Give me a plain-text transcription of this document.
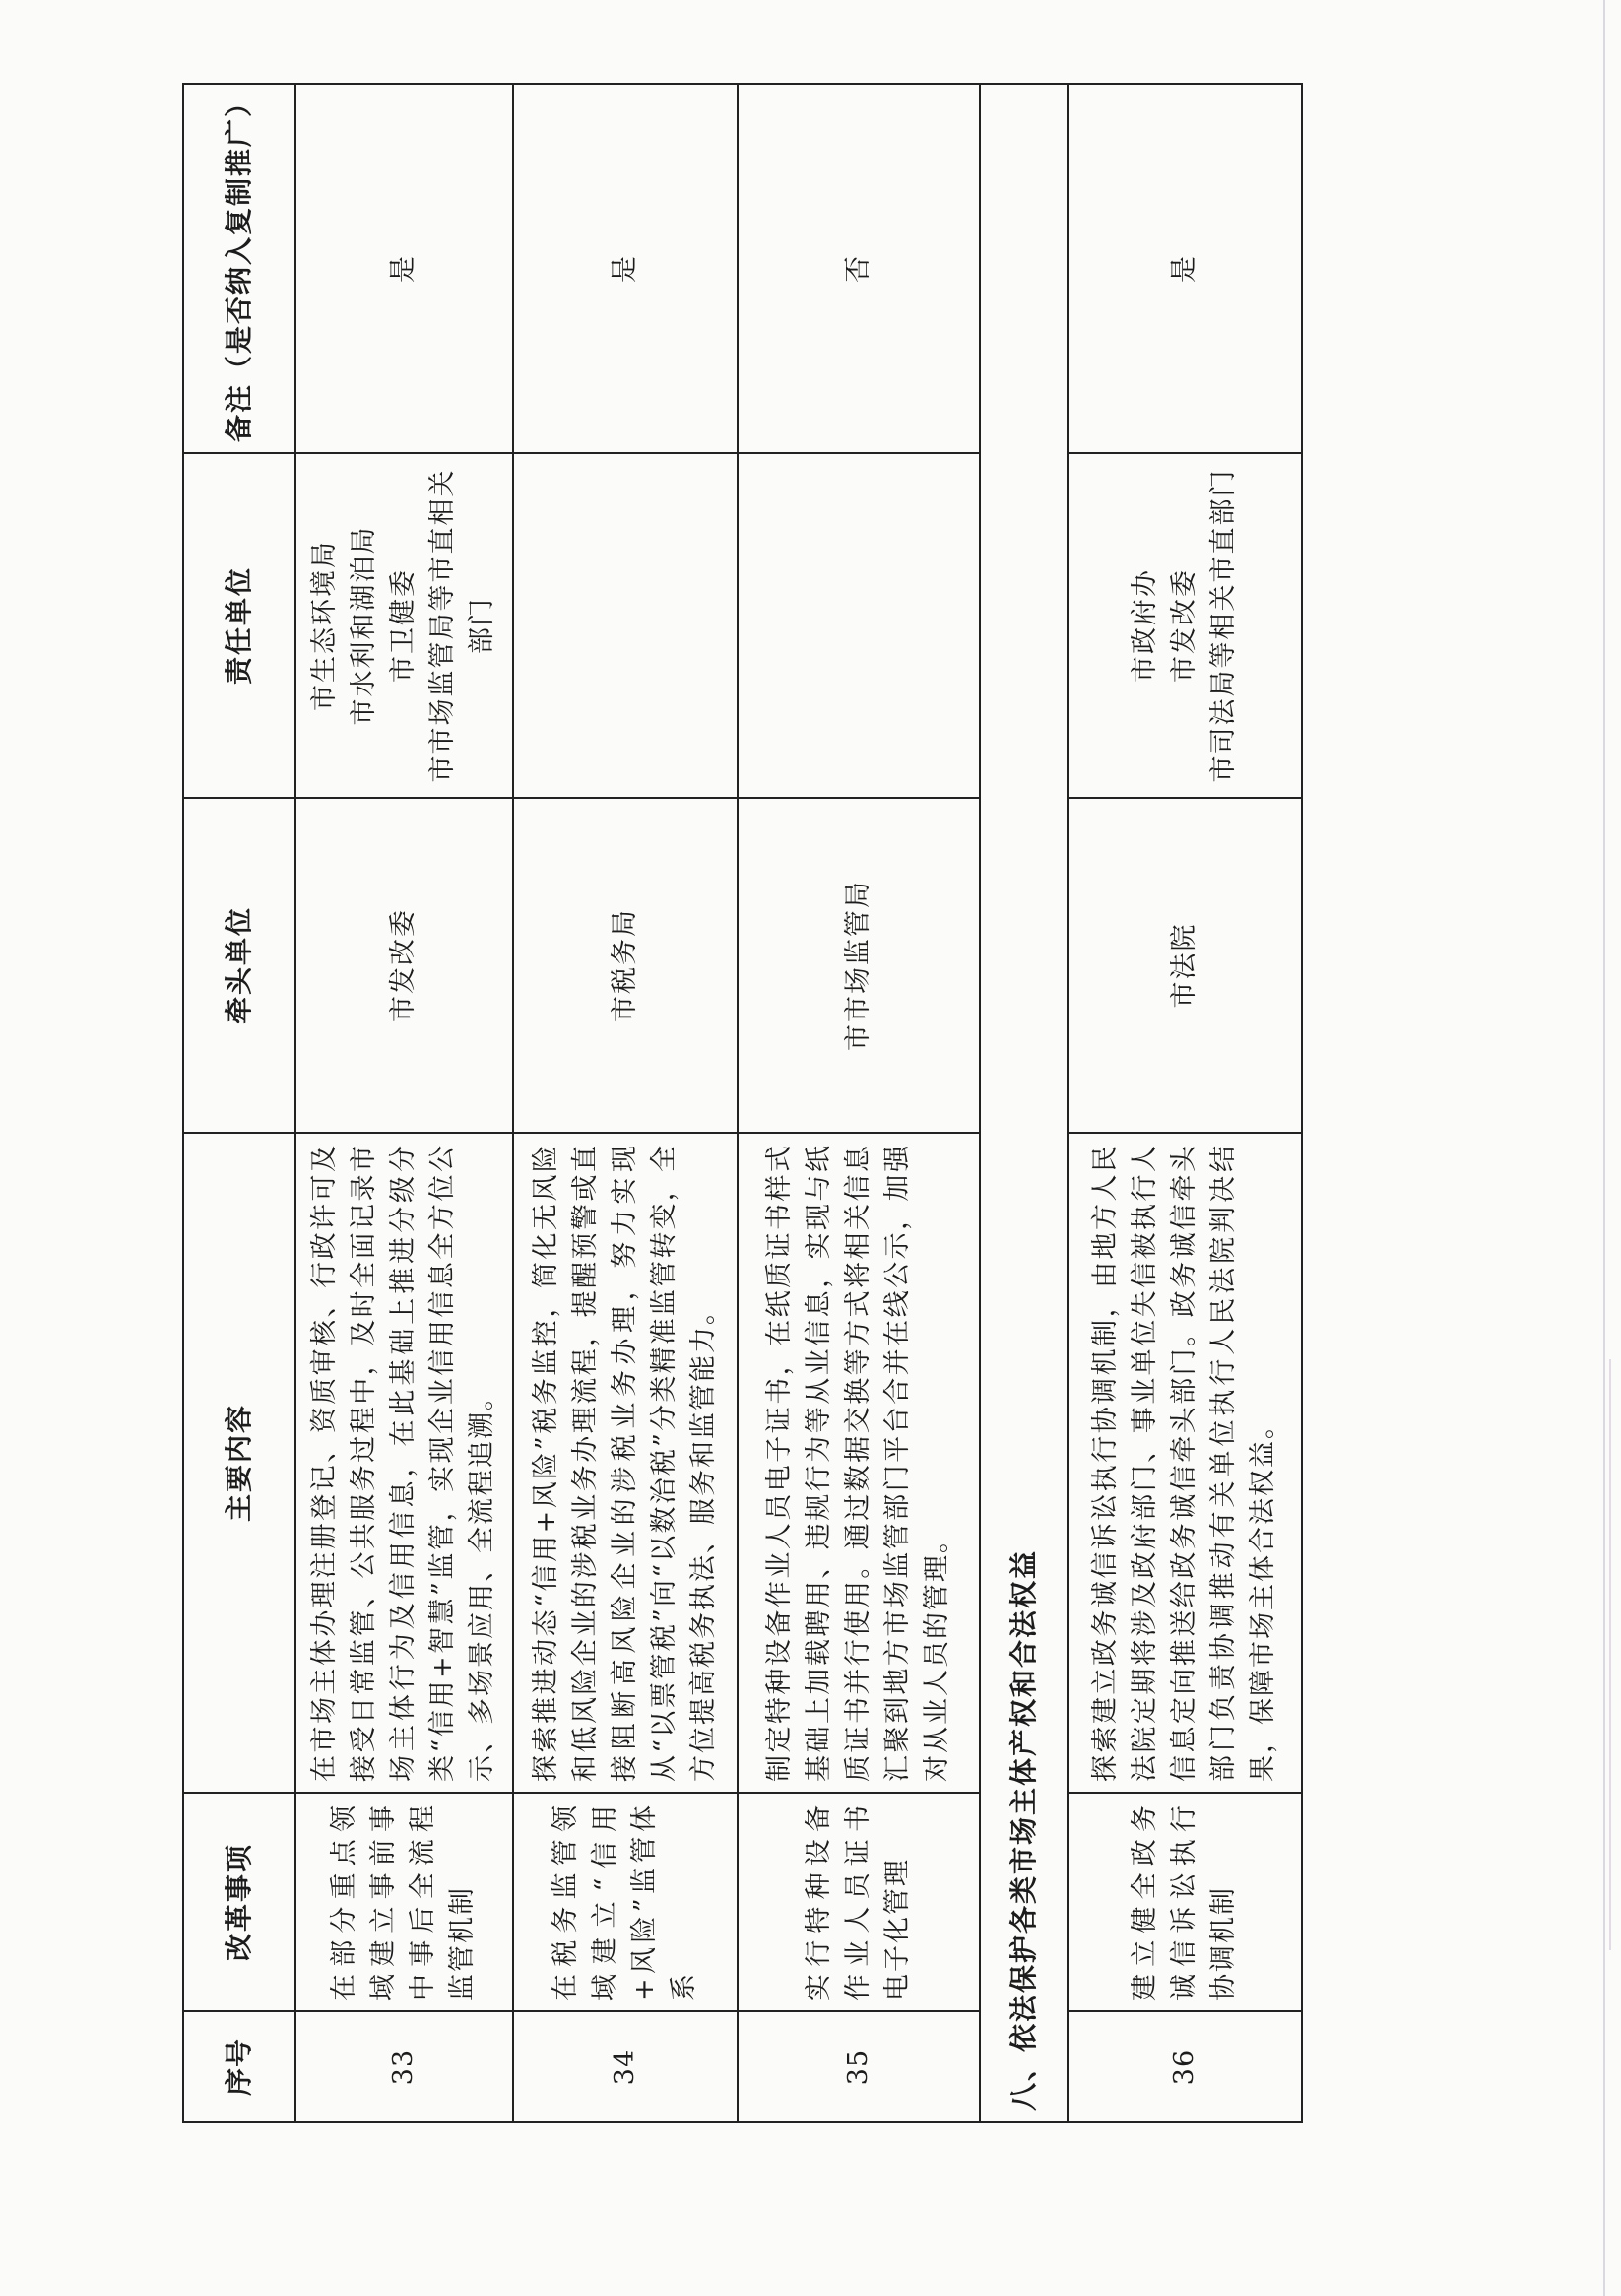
序号	改革事项	主要内容	牵头单位	责任单位	备注（是否纳入复制推广）
33	在部分重点领域建立事前事中事后全流程监管机制	在市场主体办理注册登记、资质审核、行政许可及接受日常监管、公共服务过程中，及时全面记录市场主体行为及信用信息，在此基础上推进分级分类“信用+智慧”监管，实现企业信用信息全方位公示、多场景应用、全流程追溯。	市发改委	市生态环境局 市水利和湖泊局 市卫健委 市市场监管局等市直相关部门	是
34	在税务监管领域建立“信用+风险”监管体系	探索推进动态“信用+风险”税务监控，简化无风险和低风险企业的涉税业务办理流程，提醒预警或直接阻断高风险企业的涉税业务办理，努力实现从“以票管税”向“以数治税”分类精准监管转变，全方位提高税务执法、服务和监管能力。	市税务局		是
35	实行特种设备作业人员证书电子化管理	制定特种设备作业人员电子证书，在纸质证书样式基础上加载聘用、违规行为等从业信息，实现与纸质证书并行使用。通过数据交换等方式将相关信息汇聚到地方市场监管部门平台合并在线公示，加强对从业人员的管理。	市市场监管局		否
八、依法保护各类市场主体产权和合法权益					
36	建立健全政务诚信诉讼执行协调机制	探索建立政务诚信诉讼执行协调机制，由地方人民法院定期将涉及政府部门、事业单位失信被执行人信息定向推送给政务诚信牵头部门。政务诚信牵头部门负责协调推动有关单位执行人民法院判决结果，保障市场主体合法权益。	市法院	市政府办 市发改委 市司法局等相关市直部门	是
